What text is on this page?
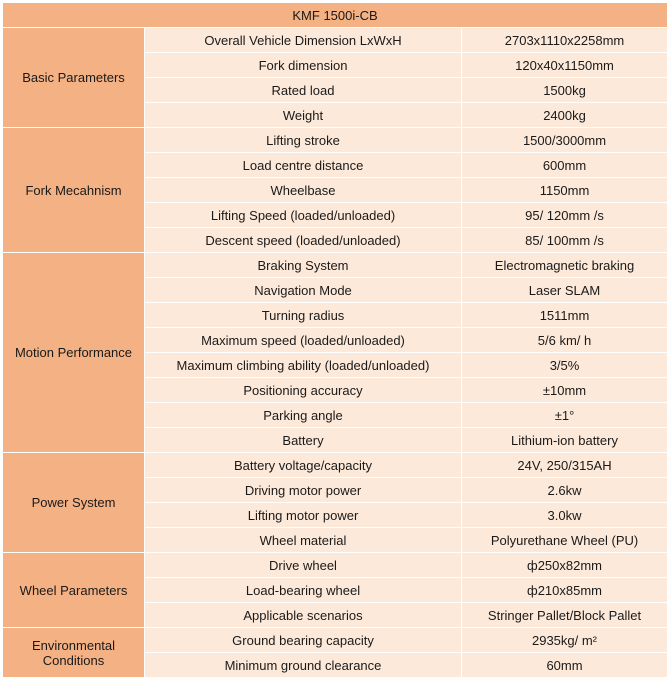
KMF 1500i-CB		
Basic Parameters	Overall Vehicle Dimension LxWxH	2703x1110x2258mm
	Fork dimension	120x40x1150mm
	Rated load	1500kg
	Weight	2400kg
Fork Mecahnism	Lifting stroke	1500/3000mm
	Load centre distance	600mm
	Wheelbase	1150mm
	Lifting Speed (loaded/unloaded)	95/ 120mm /s
	Descent speed (loaded/unloaded)	85/ 100mm /s
Motion Performance	Braking System	Electromagnetic braking
	Navigation Mode	Laser SLAM
	Turning radius	1511mm
	Maximum speed (loaded/unloaded)	5/6 km/ h
	Maximum climbing ability (loaded/unloaded)	3/5%
	Positioning accuracy	±10mm
	Parking angle	±1°
	Battery	Lithium-ion battery
Power System	Battery voltage/capacity	24V, 250/315AH
	Driving motor power	2.6kw
	Lifting motor power	3.0kw
	Wheel material	Polyurethane Wheel (PU)
Wheel Parameters	Drive wheel	ф250x82mm
	Load-bearing wheel	ф210x85mm
	Applicable scenarios	Stringer Pallet/Block Pallet
Environmental Conditions	Ground bearing capacity	2935kg/ m²
	Minimum ground clearance	60mm
